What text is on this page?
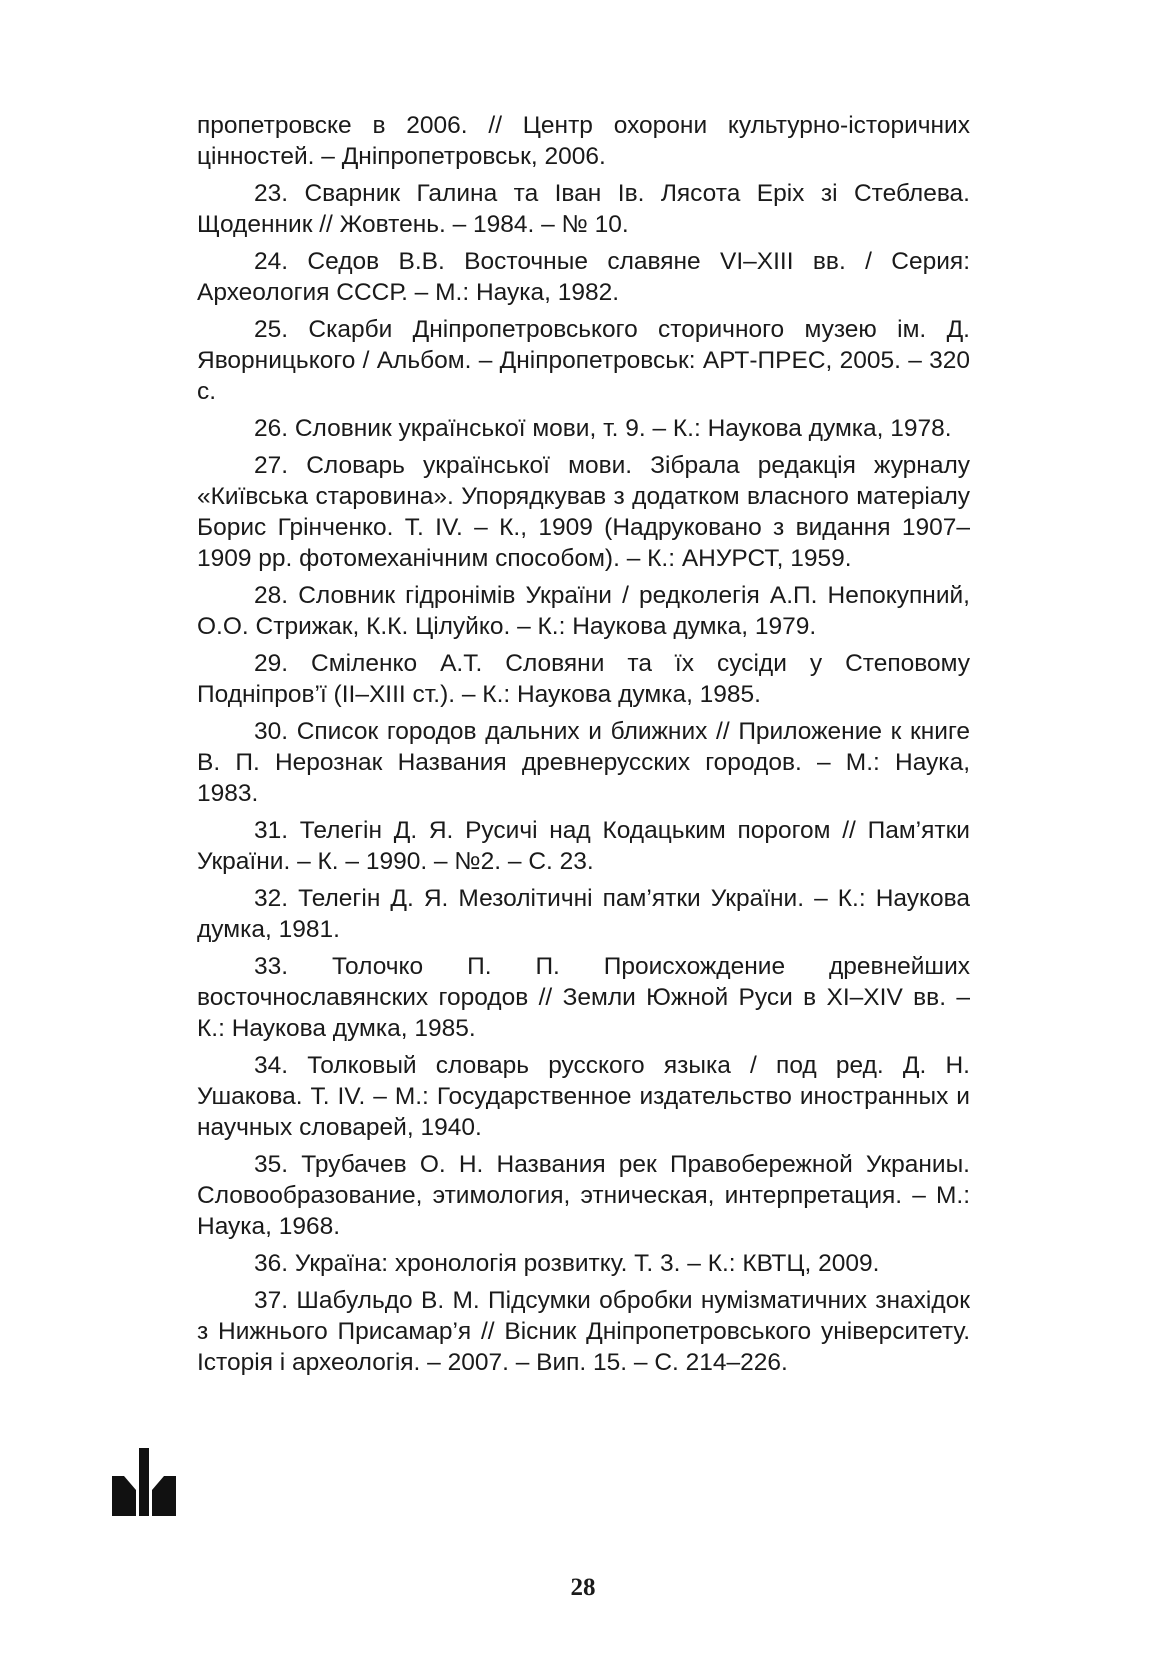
пропетровске в 2006. // Центр охорони культурно-історичних цінностей. – Дніпропетровськ, 2006.

23. Сварник Галина та Іван Ів. Лясота Еріх зі Стеблева. Щоденник // Жовтень. – 1984. – № 10.

24. Седов В.В. Восточные славяне VI–XIII вв. / Серия: Археология СССР. – М.: Наука, 1982.

25. Скарби Дніпропетровського сторичного музею ім. Д. Яворницького / Альбом. – Дніпропетровськ: АРТ-ПРЕС, 2005. – 320 с.

26. Словник української мови, т. 9. – К.: Наукова думка, 1978.

27. Словарь української мови. Зібрала редакція журналу «Київська старовина». Упорядкував з додатком власного матеріалу Борис Грінченко. Т. IV. – К., 1909 (Надруковано з видання 1907–1909 рр. фотомеханічним способом). – К.: АНУРСТ, 1959.

28. Словник гідронімів України / редколегія А.П. Непокупний, О.О. Стрижак, К.К. Цілуйко. – К.: Наукова думка, 1979.

29. Сміленко А.Т. Словяни та їх сусіди у Степовому Подніпров’ї (II–XIII ст.). – К.: Наукова думка, 1985.

30. Список городов дальних и ближних // Приложение к книге В. П. Нерознак Названия древнерусских городов. – М.: Наука, 1983.

31. Телегін Д. Я. Русичі над Кодацьким порогом // Пам’ятки України. – К. – 1990. – №2. – С. 23.

32. Телегін Д. Я. Мезолітичні пам’ятки України. – К.: Наукова думка, 1981.

33. Толочко П. П. Происхождение древнейших восточнославянских городов // Земли Южной Руси в XI–XIV вв. – К.: Наукова думка, 1985.

34. Толковый словарь русского языка / под ред. Д. Н. Ушакова. Т. IV. – М.: Государственное издательство иностранных и научных словарей, 1940.

35. Трубачев О. Н. Названия рек Правобережной Украниы. Словообразование, этимология, этническая, интерпретация. – М.: Наука, 1968.

36. Україна: хронологія розвитку. Т. 3. – К.: КВТЦ, 2009.

37. Шабульдо В. М. Підсумки обробки нумізматичних знахідок з Нижнього Присамар’я // Вісник Дніпропетровського університету. Історія і археологія. – 2007. – Вип. 15. – С. 214–226.

28
